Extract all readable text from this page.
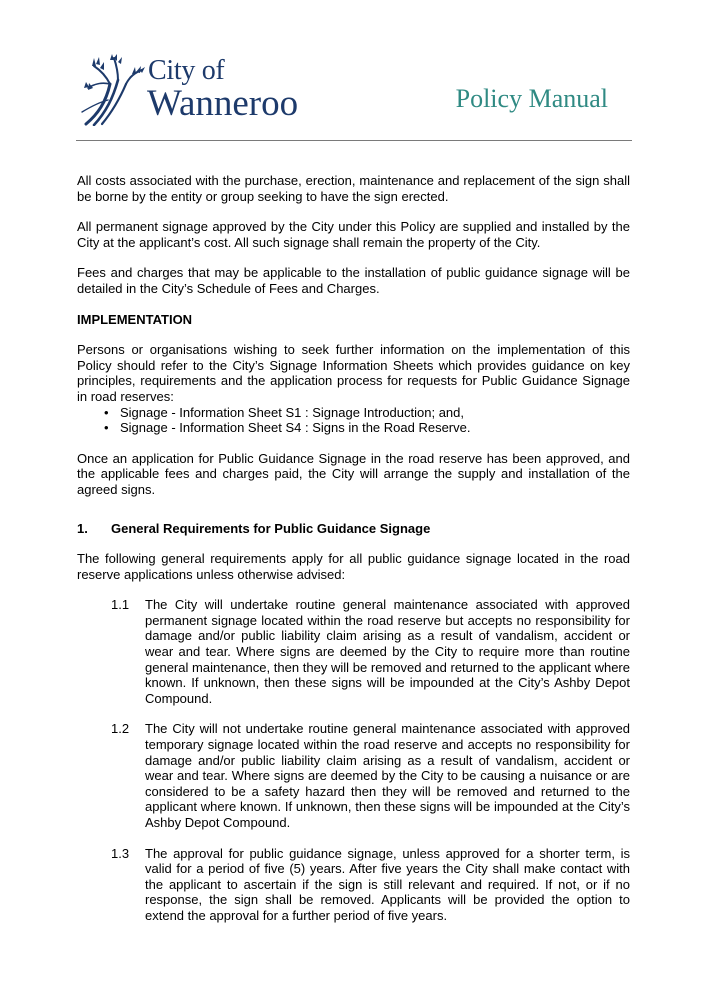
City of
Wanneroo	Policy Manual

All costs associated with the purchase, erection, maintenance and replacement of the sign shall be borne by the entity or group seeking to have the sign erected.

All permanent signage approved by the City under this Policy are supplied and installed by the City at the applicant’s cost. All such signage shall remain the property of the City.

Fees and charges that may be applicable to the installation of public guidance signage will be detailed in the City’s Schedule of Fees and Charges.

IMPLEMENTATION

Persons or organisations wishing to seek further information on the implementation of this Policy should refer to the City’s Signage Information Sheets which provides guidance on key principles, requirements and the application process for requests for Public Guidance Signage in road reserves:

• Signage - Information Sheet S1 : Signage Introduction; and,
• Signage - Information Sheet S4 : Signs in the Road Reserve.

Once an application for Public Guidance Signage in the road reserve has been approved, and the applicable fees and charges paid, the City will arrange the supply and installation of the agreed signs.

1. General Requirements for Public Guidance Signage

The following general requirements apply for all public guidance signage located in the road reserve applications unless otherwise advised:

1.1 The City will undertake routine general maintenance associated with approved permanent signage located within the road reserve but accepts no responsibility for damage and/or public liability claim arising as a result of vandalism, accident or wear and tear. Where signs are deemed by the City to require more than routine general maintenance, then they will be removed and returned to the applicant where known. If unknown, then these signs will be impounded at the City’s Ashby Depot Compound.
1.2 The City will not undertake routine general maintenance associated with approved temporary signage located within the road reserve and accepts no responsibility for damage and/or public liability claim arising as a result of vandalism, accident or wear and tear. Where signs are deemed by the City to be causing a nuisance or are considered to be a safety hazard then they will be removed and returned to the applicant where known. If unknown, then these signs will be impounded at the City’s Ashby Depot Compound.
1.3 The approval for public guidance signage, unless approved for a shorter term, is valid for a period of five (5) years. After five years the City shall make contact with the applicant to ascertain if the sign is still relevant and required. If not, or if no response, the sign shall be removed. Applicants will be provided the option to extend the approval for a further period of five years.
